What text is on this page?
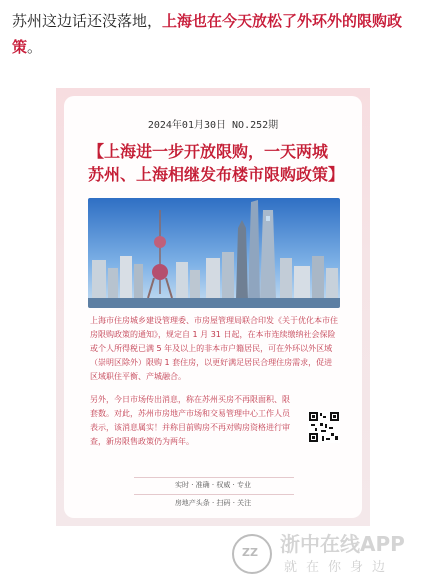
苏州这边话还没落地，上海也在今天放松了外环外的限购政策。
2024年01月30日 NO.252期
【上海进一步开放限购，一天两城苏州、上海相继发布楼市限购政策】
上海市住房城乡建设管理委、市房屋管理局联合印发《关于优化本市住房限购政策的通知》，规定自 1 月 31 日起，在本市连续缴纳社会保险或个人所得税已满 5 年及以上的非本市户籍居民，可在外环以外区域（崇明区除外）限购 1 套住房，以更好满足居民合理住房需求，促进区域职住平衡、产城融合。
另外，今日市场传出消息，称在苏州买房不再限面积、限套数。对此，苏州市房地产市场和交易管理中心工作人员表示，该消息属实！并称目前购房不再对购房资格进行审查，新房限售政策仍为两年。
实时 · 准确 · 权威 · 专业
房地产头条 · 扫码 · 关注
ZZ 浙中在线APP
就在你身边
